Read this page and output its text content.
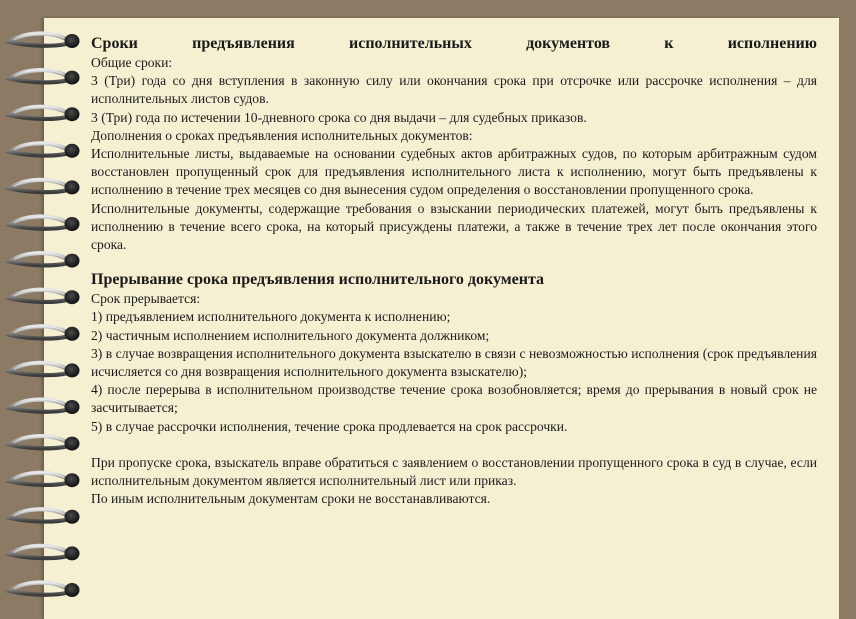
Сроки предъявления исполнительных документов к исполнению

Общие сроки:

3 (Три) года со дня вступления в законную силу или окончания срока при отсрочке или рассрочке исполнения – для исполнительных листов судов.

3 (Три) года по истечении 10-дневного срока со дня выдачи – для судебных приказов.

Дополнения о сроках предъявления исполнительных документов:

Исполнительные листы, выдаваемые на основании судебных актов арбитражных судов, по которым арбитражным судом восстановлен пропущенный срок для предъявления исполнительного листа к исполнению, могут быть предъявлены к исполнению в течение трех месяцев со дня вынесения судом определения о восстановлении пропущенного срока.

Исполнительные документы, содержащие требования о взыскании периодических платежей, могут быть предъявлены к исполнению в течение всего срока, на который присуждены платежи, а также в течение трех лет после окончания этого срока.

Прерывание срока предъявления исполнительного документа

Срок прерывается:

1) предъявлением исполнительного документа к исполнению;

2) частичным исполнением исполнительного документа должником;

3) в случае возвращения исполнительного документа взыскателю в связи с невозможностью исполнения (срок предъявления исчисляется со дня возвращения исполнительного документа взыскателю);

4) после перерыва в исполнительном производстве течение срока возобновляется; время до прерывания в новый срок не засчитывается;

5) в случае рассрочки исполнения, течение срока продлевается на срок рассрочки.

При пропуске срока, взыскатель вправе обратиться с заявлением о восстановлении пропущенного срока в суд в случае, если исполнительным документом является исполнительный лист или приказ.

По иным исполнительным документам сроки не восстанавливаются.
